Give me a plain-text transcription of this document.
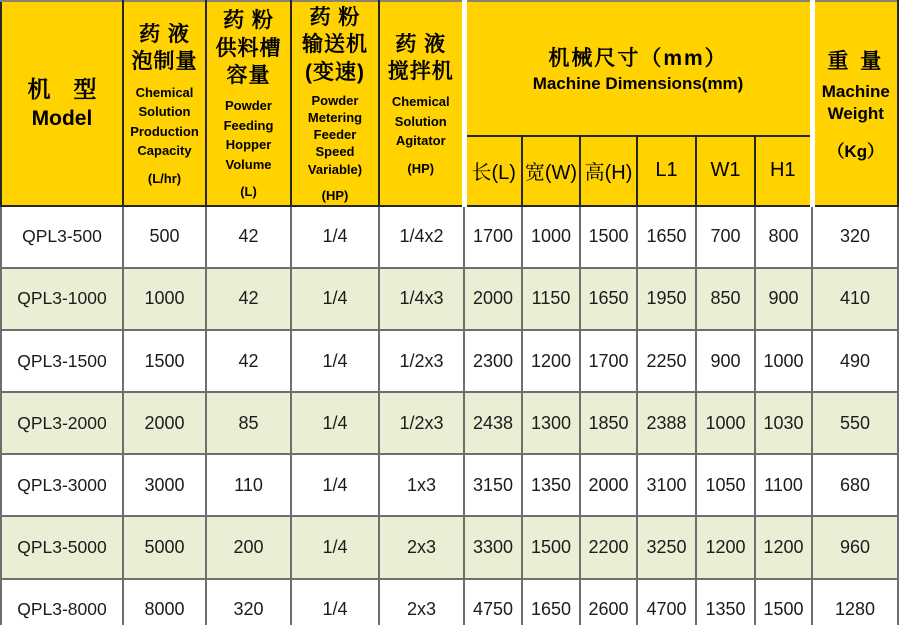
机　型
Model

药 液
泡制量
Chemical
Solution
Production
Capacity
(L/hr)

药 粉
供料槽
容量
Powder
Feeding
Hopper
Volume
(L)

药 粉
输送机
(变速)
Powder
Metering
Feeder
Speed
Variable)
(HP)

药 液
搅拌机
Chemical
Solution
Agitator
(HP)

机械尺寸（mm）
Machine Dimensions(mm)

重 量
Machine
Weight
（Kg）

					长(L)	宽(W)	高(H)	L1	W1	H1	
QPL3-500	500	42	1/4	1/4x2	1700	1000	1500	1650	700	800	320
QPL3-1000	1000	42	1/4	1/4x3	2000	1150	1650	1950	850	900	410
QPL3-1500	1500	42	1/4	1/2x3	2300	1200	1700	2250	900	1000	490
QPL3-2000	2000	85	1/4	1/2x3	2438	1300	1850	2388	1000	1030	550
QPL3-3000	3000	110	1/4	1x3	3150	1350	2000	3100	1050	1100	680
QPL3-5000	5000	200	1/4	2x3	3300	1500	2200	3250	1200	1200	960
QPL3-8000	8000	320	1/4	2x3	4750	1650	2600	4700	1350	1500	1280
